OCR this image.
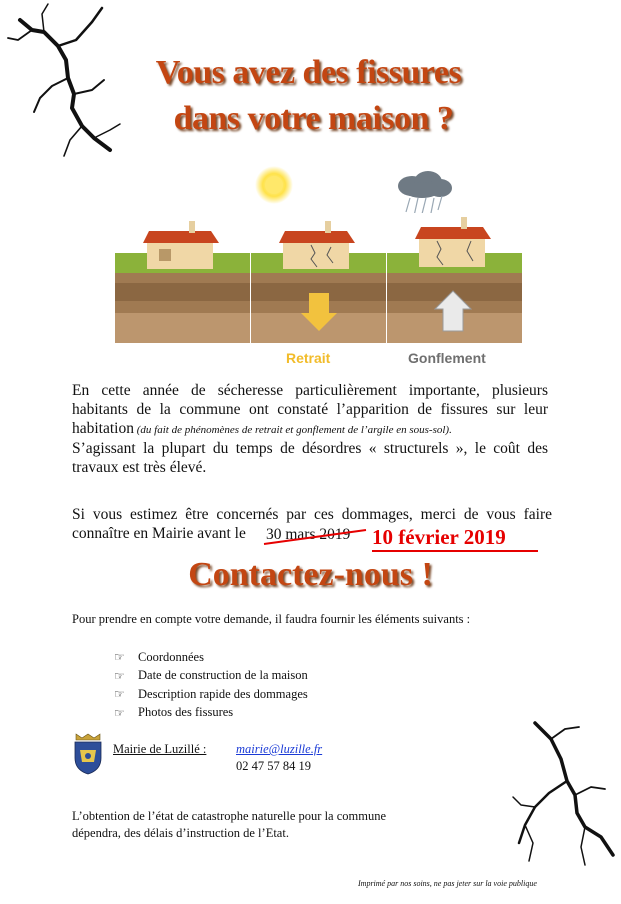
Vous avez des fissures
dans votre maison ?
Retrait	Gonflement
En cette année de sécheresse particulièrement importante, plusieurs habitants de la commune ont constaté l’apparition de fissures sur leur habitation (du fait de phénomènes de retrait et gonflement de l’argile en sous-sol).
S’agissant la plupart du temps de désordres « structurels », le coût des travaux est très élevé.
Si vous estimez être concernés par ces dommages, merci de vous faire connaître en Mairie avant le	30 mars 2019 10 février 2019
Contactez-nous !
Pour prendre en compte votre demande, il faudra fournir les éléments suivants :
☞	Coordonnées
☞	Date de construction de la maison
☞	Description rapide des dommages
☞	Photos des fissures
Mairie de Luzillé : mairie@luzille.fr
02 47 57 84 19
L’obtention de l’état de catastrophe naturelle pour la commune dépendra, des délais d’instruction de l’Etat.
Imprimé par nos soins, ne pas jeter sur la voie publique
